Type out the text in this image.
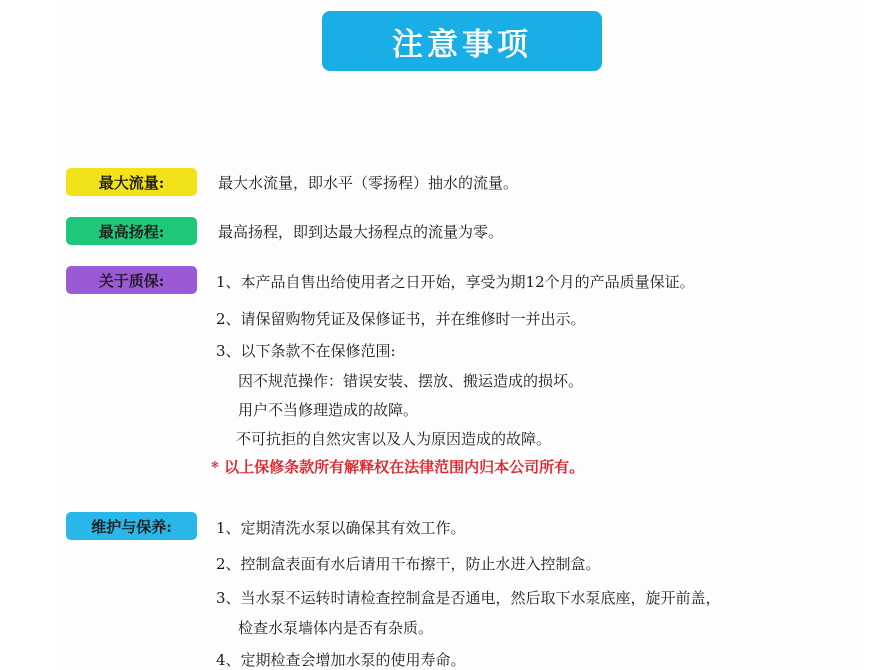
注意事项
最大流量:	最大水流量，即水平（零扬程）抽水的流量。
最高扬程:	最高扬程，即到达最大扬程点的流量为零。
关于质保:	1、本产品自售出给使用者之日开始，享受为期12个月的产品质量保证。
2、请保留购物凭证及保修证书，并在维修时一并出示。
3、以下条款不在保修范围:
因不规范操作：错误安装、摆放、搬运造成的损坏。
用户不当修理造成的故障。
不可抗拒的自然灾害以及人为原因造成的故障。
* 以上保修条款所有解释权在法律范围内归本公司所有。
维护与保养:	1、定期清洗水泵以确保其有效工作。
2、控制盒表面有水后请用干布擦干，防止水进入控制盒。
3、当水泵不运转时请检查控制盒是否通电，然后取下水泵底座，旋开前盖，
检查水泵墙体内是否有杂质。
4、定期检查会增加水泵的使用寿命。
